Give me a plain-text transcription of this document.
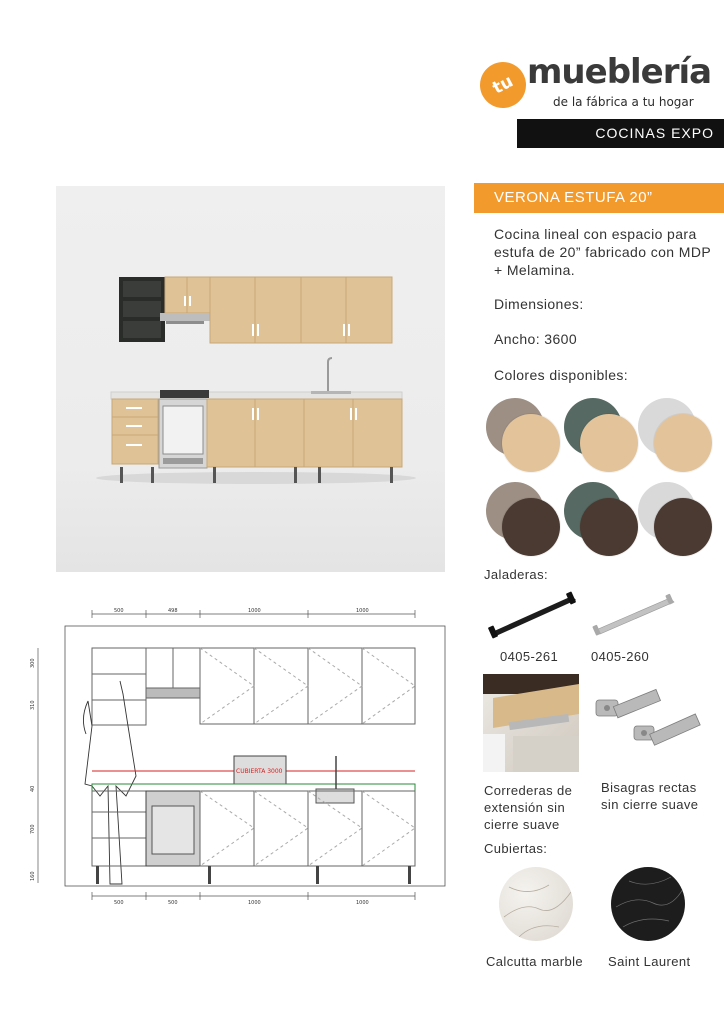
tu mueblería
de la fábrica a tu hogar
COCINAS EXPO
CUBIERTA 3000
500	498	1000	1000
500	500	1000	1000
300
310
40
700
160
VERONA ESTUFA 20”
Cocina lineal con espacio para estufa de 20” fabricado con MDP + Melamina.
Dimensiones:
Ancho: 3600
Colores disponibles:
Jaladeras:
0405-261	0405-260
Correderas de extensión sin cierre suave
Bisagras rectas sin cierre suave
Cubiertas:
Calcutta marble Saint Laurent
